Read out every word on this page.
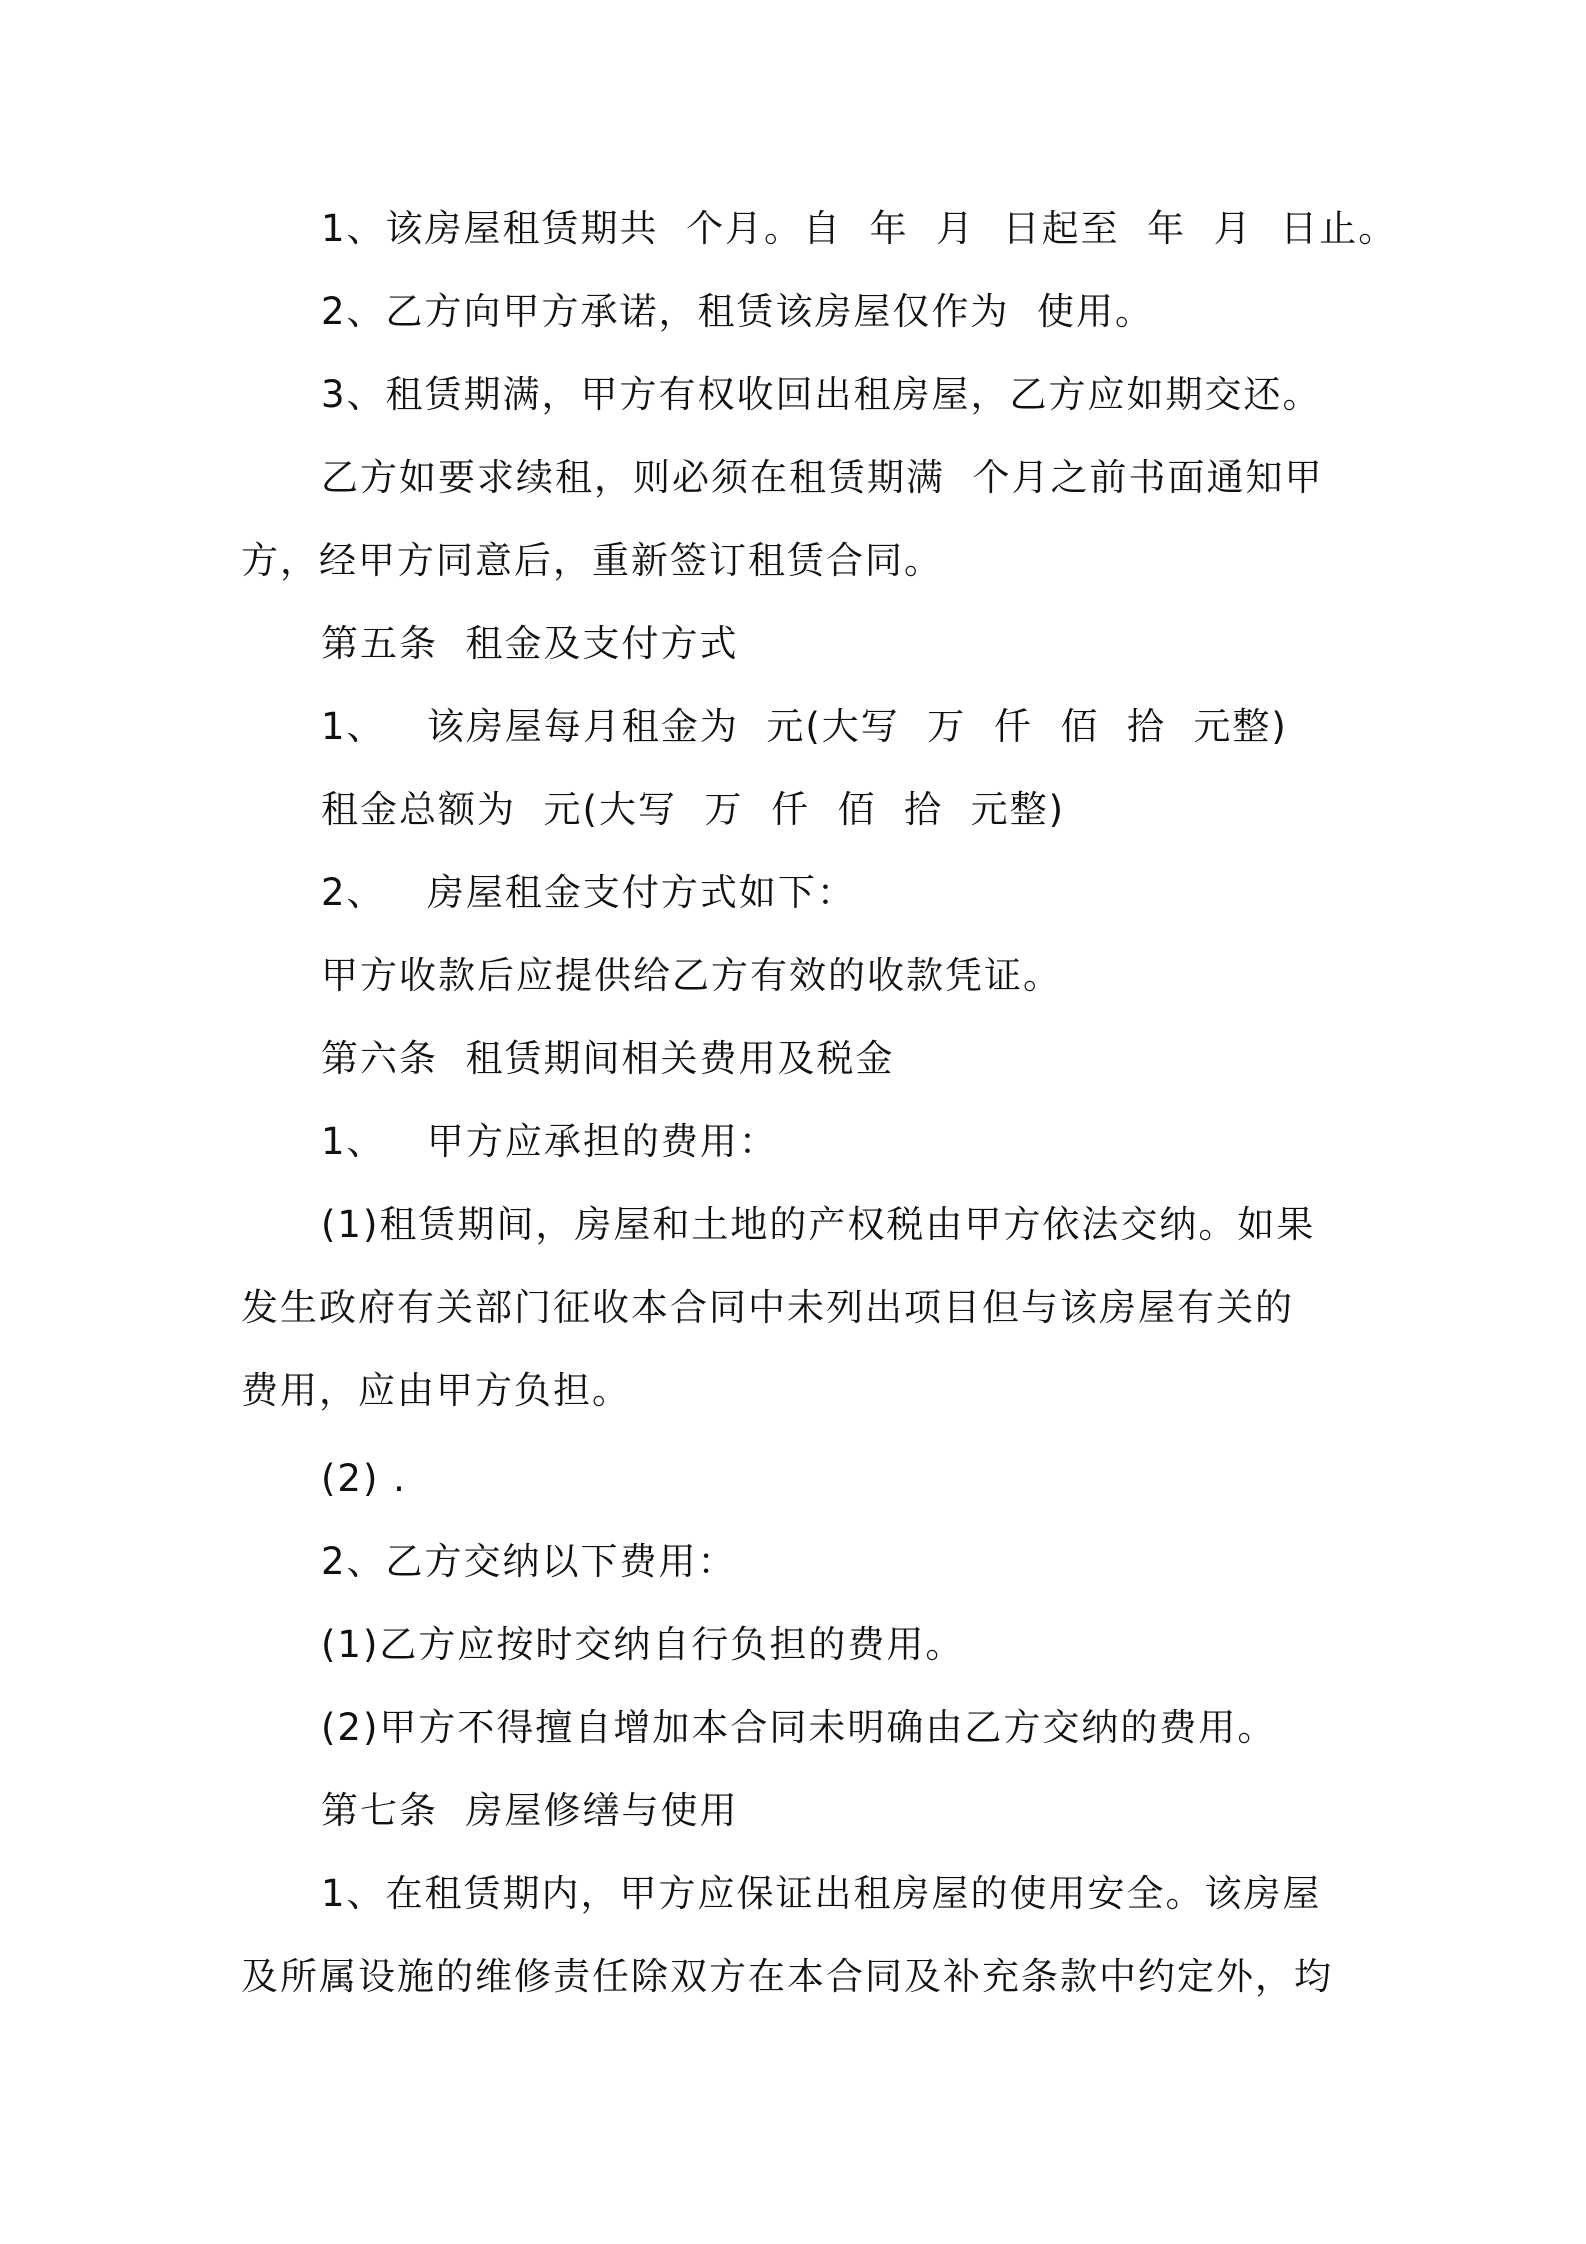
1、该房屋租赁期共  个月。自  年  月  日起至  年  月  日止。
2、乙方向甲方承诺，租赁该房屋仅作为  使用。
3、租赁期满，甲方有权收回出租房屋，乙方应如期交还。
乙方如要求续租，则必须在租赁期满  个月之前书面通知甲
方，经甲方同意后，重新签订租赁合同。
第五条  租金及支付方式
1、   该房屋每月租金为  元(大写  万  仟  佰  拾  元整)
租金总额为  元(大写  万  仟  佰  拾  元整)
2、   房屋租金支付方式如下：
甲方收款后应提供给乙方有效的收款凭证。
第六条  租赁期间相关费用及税金
1、   甲方应承担的费用：
(1)租赁期间，房屋和土地的产权税由甲方依法交纳。如果
发生政府有关部门征收本合同中未列出项目但与该房屋有关的
费用，应由甲方负担。
(2) .
2、乙方交纳以下费用：
(1)乙方应按时交纳自行负担的费用。
(2)甲方不得擅自增加本合同未明确由乙方交纳的费用。
第七条  房屋修缮与使用
1、在租赁期内，甲方应保证出租房屋的使用安全。该房屋
及所属设施的维修责任除双方在本合同及补充条款中约定外，均
